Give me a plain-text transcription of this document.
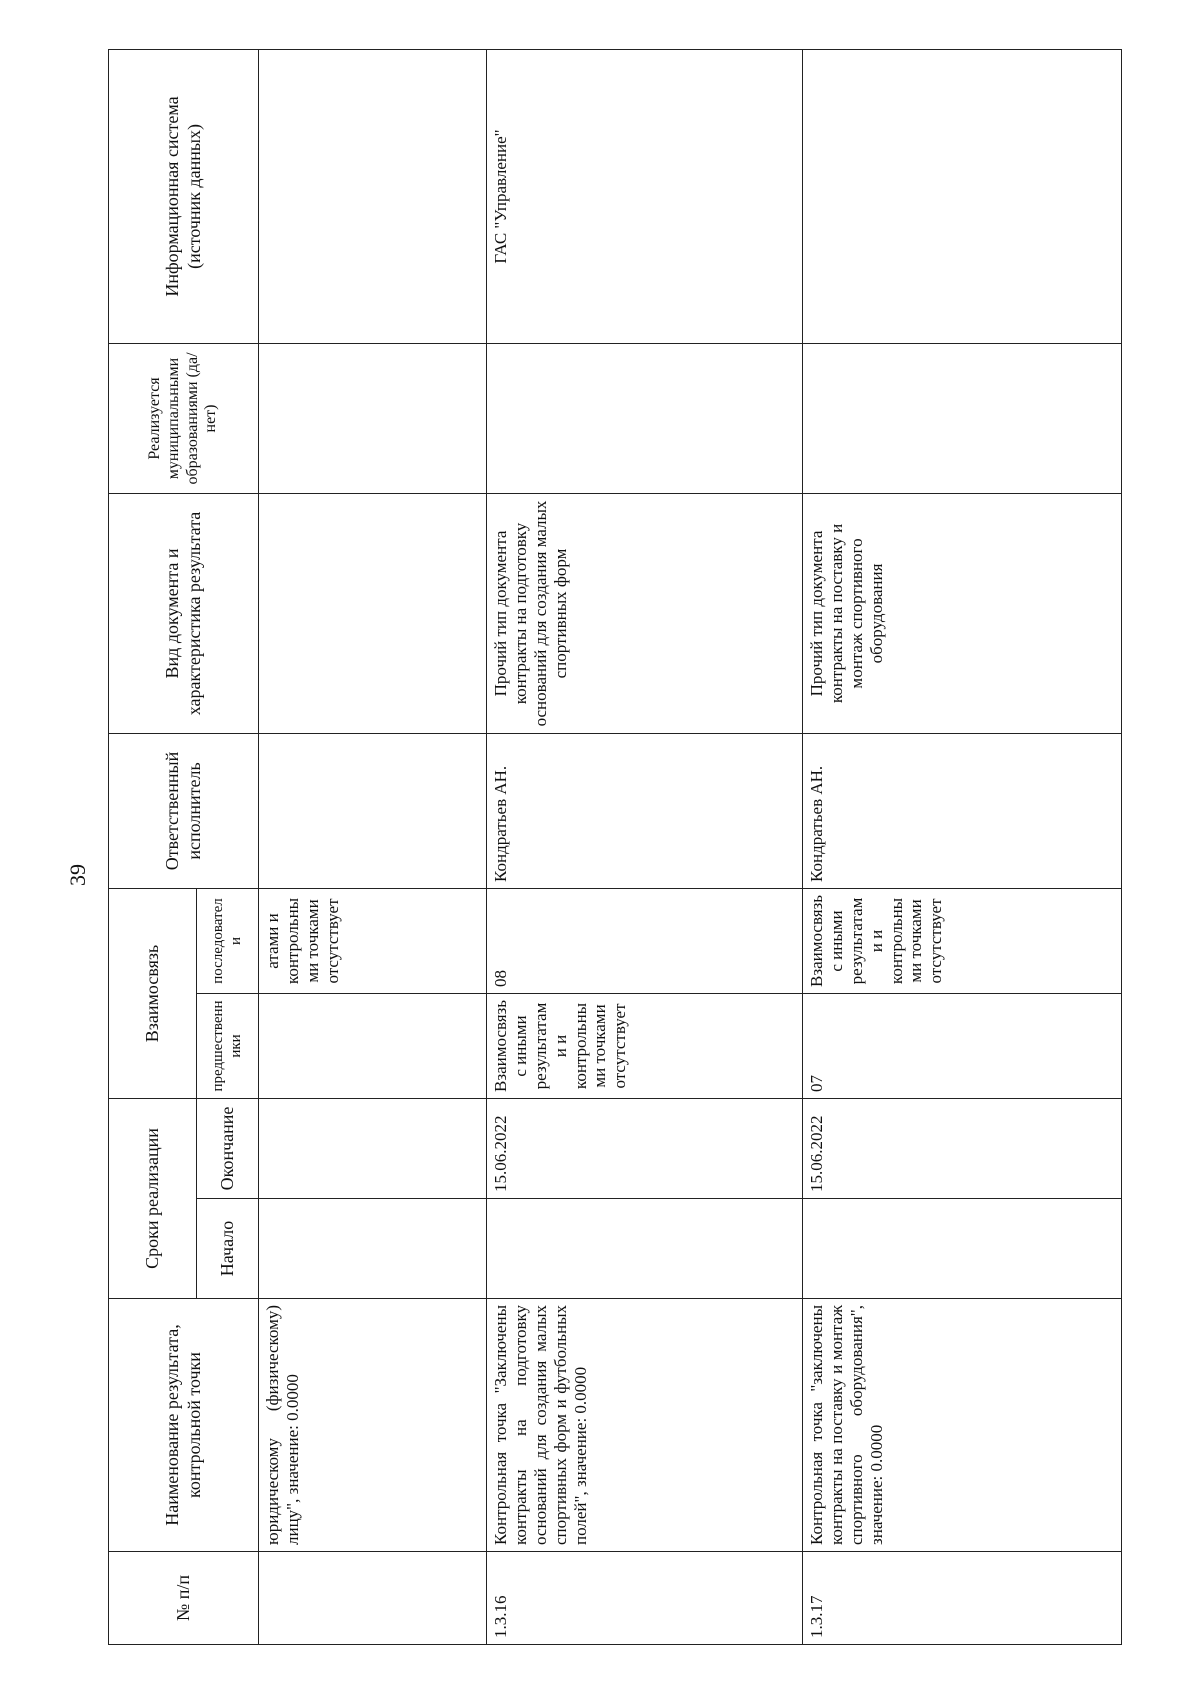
39
№ п/п	Наименование результата, контрольной точки	Сроки реализации		Взаимосвязь		Ответственный исполнитель	Вид документа и характеристика результата	Реализуется муниципальными образованиями (да/нет)	Информационная система (источник данных)
		Начало	Окончание	предшественники	последователи				
	юридическому (физическому) лицу", значение: 0.0000				атами и контрольными точками отсутствует				
1.3.16	Контрольная точка "Заключены контракты на подготовку оснований для создания малых спортивных форм и футбольных полей", значение: 0.0000		15.06.2022	Взаимосвязь с иными результатами и контрольными точками отсутствует	08	Кондратьев АН.	Прочий тип документа контракты на подготовку оснований для создания малых спортивных форм		ГАС "Управление"
1.3.17	Контрольная точка "заключены контракты на поставку и монтаж спортивного оборудования", значение: 0.0000		15.06.2022	07	Взаимосвязь с иными результатами и контрольными точками отсутствует	Кондратьев АН.	Прочий тип документа контракты на поставку и монтаж спортивного оборудования		
